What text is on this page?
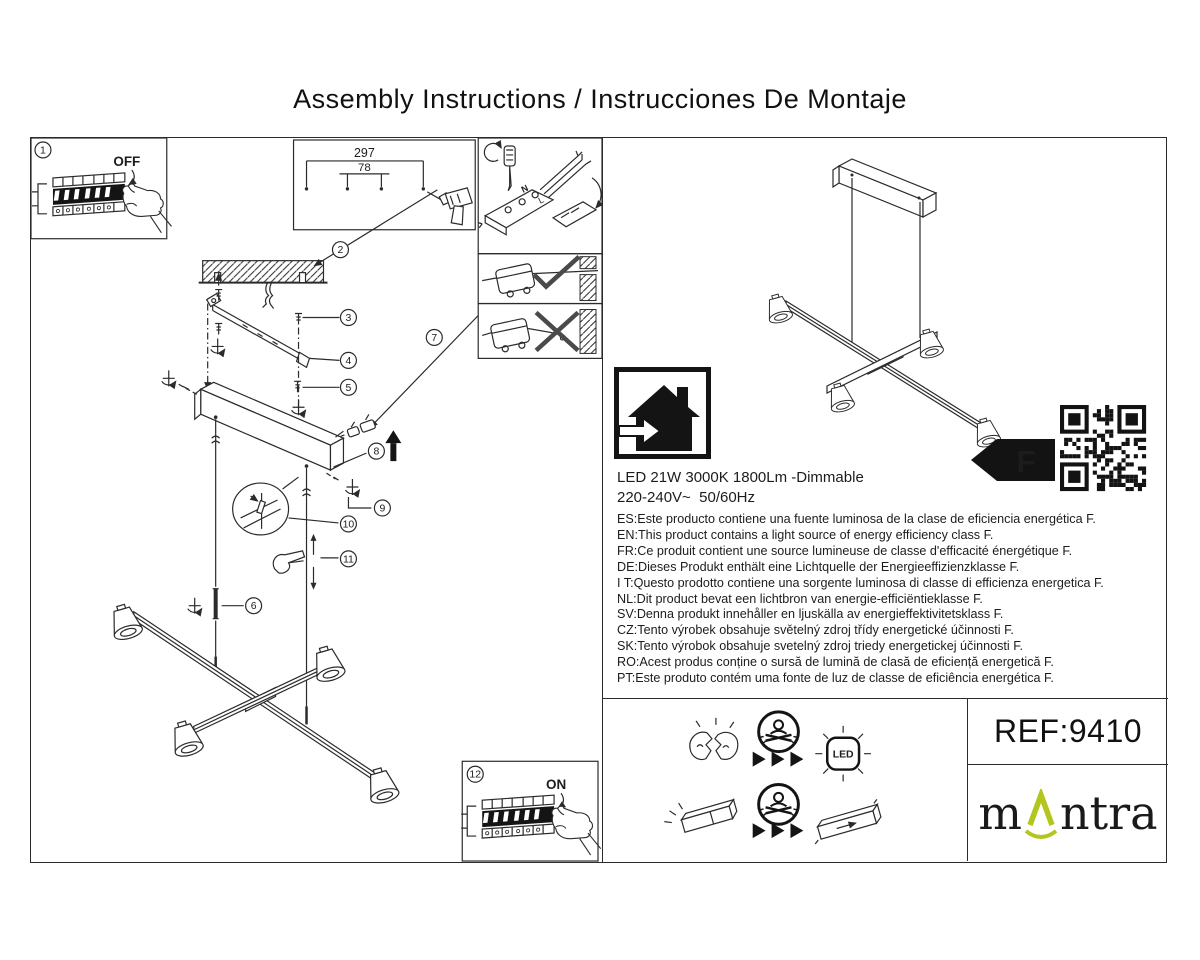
Assembly Instructions / Instrucciones De Montaje
1
OFF
297
78
N
L
2
3
4
5
7
8
9
10
6
11
12
ON
F
LED 21W 3000K 1800Lm -Dimmable
220-240V~  50/60Hz
ES:Este producto contiene una fuente luminosa de la clase de eficiencia energética F.
EN:This product contains a light source of energy efficiency class F.
FR:Ce produit contient une source lumineuse de classe d'efficacité énergétique F.
DE:Dieses Produkt enthält eine Lichtquelle der Energieeffizienzklasse F.
I T:Questo prodotto contiene una sorgente luminosa di classe di efficienza energetica F.
NL:Dit product bevat een lichtbron van energie-efficiëntieklasse F.
SV:Denna produkt innehåller en ljuskälla av energieffektivitetsklass F.
CZ:Tento výrobek obsahuje světelný zdroj třídy energetické účinnosti F.
SK:Tento výrobok obsahuje svetelný zdroj triedy energetickej účinnosti F.
RO:Acest produs conține o sursă de lumină de clasă de eficiență energetică F.
PT:Este produto contém uma fonte de luz de classe de eficiência energética F.
LED
REF:9410
m ntra
